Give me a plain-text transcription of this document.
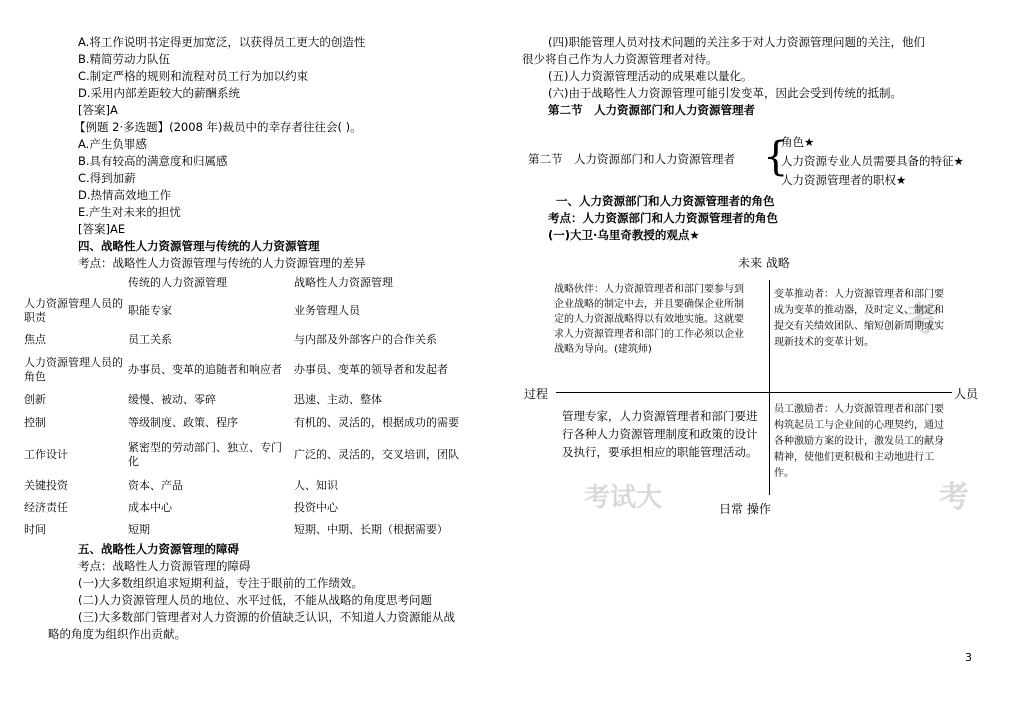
A.将工作说明书定得更加宽泛，以获得员工更大的创造性
B.精简劳动力队伍
C.制定严格的规则和流程对员工行为加以约束
D.采用内部差距较大的薪酬系统
[答案]A
【例题 2·多选题】(2008 年)裁员中的幸存者往往会( )。
A.产生负罪感
B.具有较高的满意度和归属感
C.得到加薪
D.热情高效地工作
E.产生对未来的担忧
[答案]AE
四、战略性人力资源管理与传统的人力资源管理
考点：战略性人力资源管理与传统的人力资源管理的差异
	传统的人力资源管理	战略性人力资源管理
人力资源管理人员的职责	职能专家	业务管理人员
焦点	员工关系	与内部及外部客户的合作关系
人力资源管理人员的角色	办事员、变革的追随者和响应者	办事员、变革的领导者和发起者
创新	缓慢、被动、零碎	迅速、主动、整体
控制	等级制度、政策、程序	有机的、灵活的，根据成功的需要
工作设计	紧密型的劳动部门、独立、专门化	广泛的、灵活的，交叉培训，团队
关键投资	资本、产品	人、知识
经济责任	成本中心	投资中心
时间	短期	短期、中期、长期（根据需要）
五、战略性人力资源管理的障碍
考点：战略性人力资源管理的障碍
(一)大多数组织追求短期利益，专注于眼前的工作绩效。
(二)人力资源管理人员的地位、水平过低，不能从战略的角度思考问题
(三)大多数部门管理者对人力资源的价值缺乏认识，不知道人力资源能从战
略的角度为组织作出贡献。
(四)职能管理人员对技术问题的关注多于对人力资源管理问题的关注，他们
很少将自己作为人力资源管理者对待。
(五)人力资源管理活动的成果难以量化。
(六)由于战略性人力资源管理可能引发变革，因此会受到传统的抵制。
第二节　人力资源部门和人力资源管理者
第二节　人力资源部门和人力资源管理者 {
角色★
人力资源专业人员需要具备的特征★
人力资源管理者的职权★
一、人力资源部门和人力资源管理者的角色
考点：人力资源部门和人力资源管理者的角色
(一)大卫·乌里奇教授的观点★
考
考试大	考
未来 战略
日常 操作
过程	人员
战略伙伴：人力资源管理者和部门要参与到企业战略的制定中去，并且要确保企业所制定的人力资源战略得以有效地实施。这就要求人力资源管理者和部门的工作必须以企业战略为导向。(建筑师)
变革推动者：人力资源管理者和部门要成为变革的推动器，及时定义、制定和提交有关绩效团队、缩短创新周期或实现新技术的变革计划。
管理专家，人力资源管理者和部门要进行各种人力资源管理制度和政策的设计及执行，要承担相应的职能管理活动。
员工激励者：人力资源管理者和部门要构筑起员工与企业间的心理契约，通过各种激励方案的设计，激发员工的献身精神，使他们更积极和主动地进行工作。
3
